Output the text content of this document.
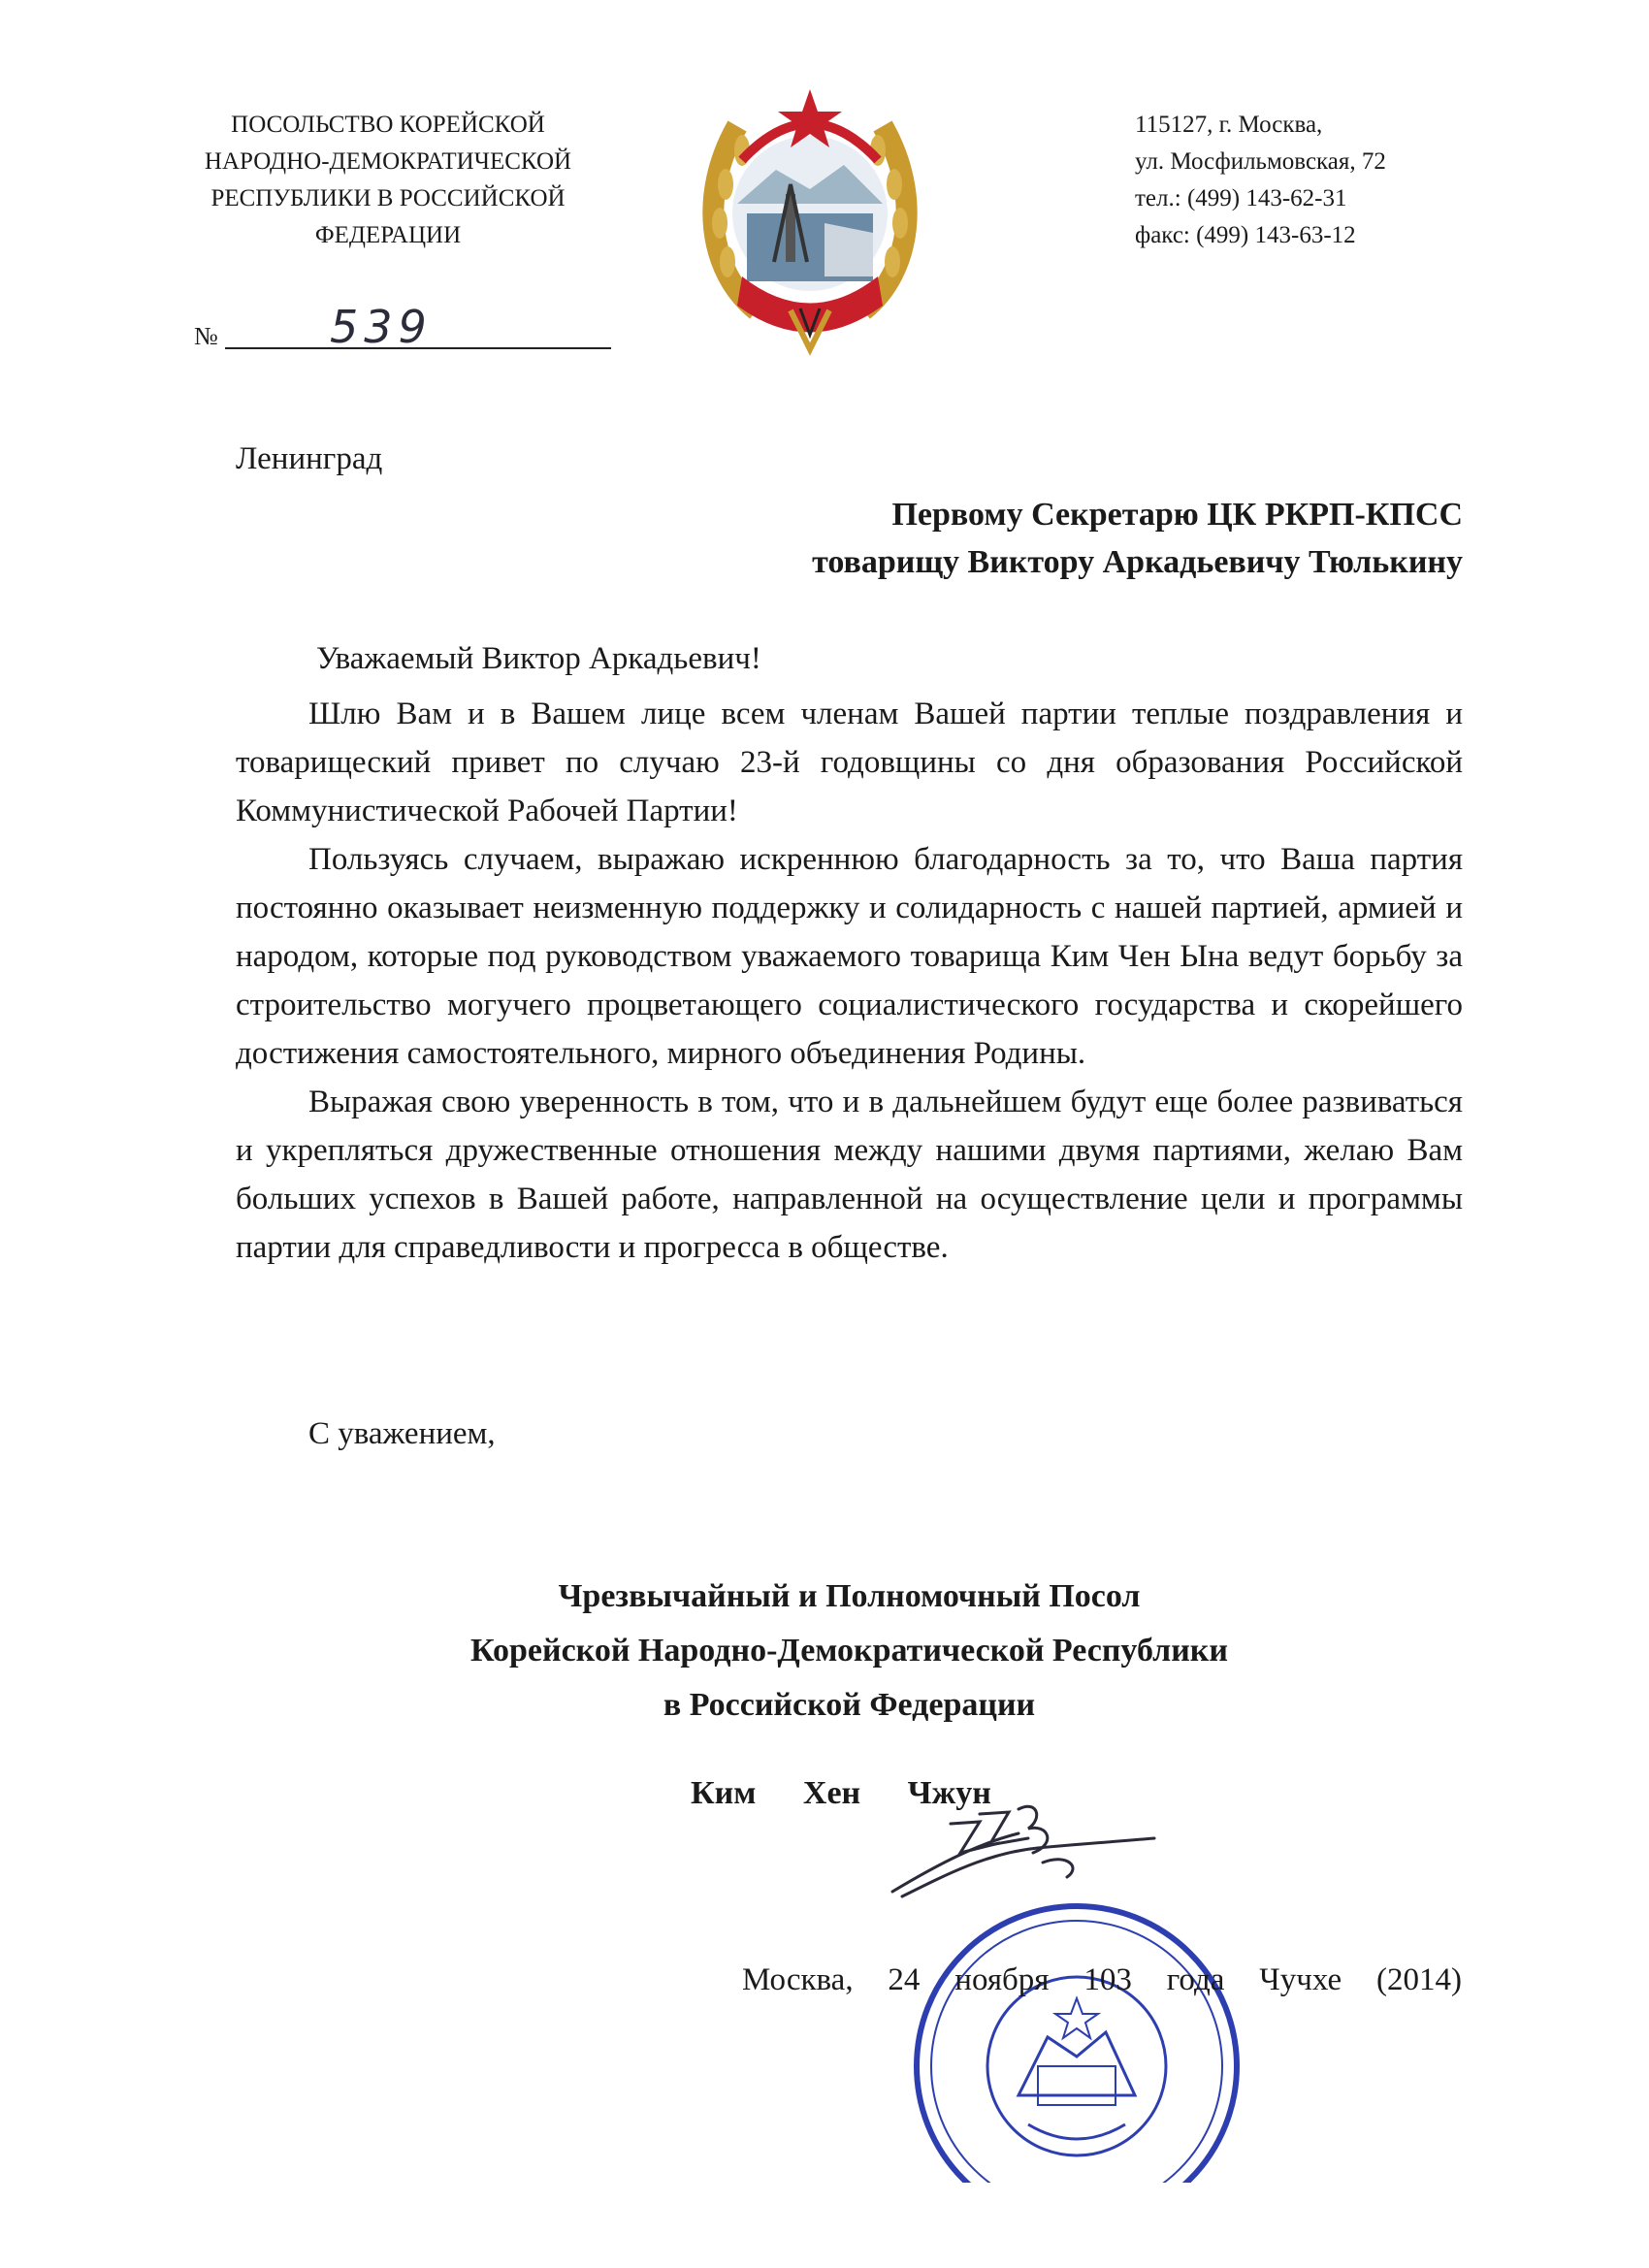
ПОСОЛЬСТВО КОРЕЙСКОЙ
НАРОДНО-ДЕМОКРАТИЧЕСКОЙ
РЕСПУБЛИКИ В РОССИЙСКОЙ
ФЕДЕРАЦИИ
115127, г. Москва,
ул. Мосфильмовская, 72
тел.: (499) 143-62-31
факс: (499) 143-63-12
№	539
Ленинград
Первому Секретарю ЦК РКРП-КПСС
товарищу Виктору Аркадьевичу Тюлькину
Уважаемый Виктор Аркадьевич!

Шлю Вам и в Вашем лице всем членам Вашей партии теплые поздравления и товарищеский привет по случаю 23-й годовщины со дня образования Российской Коммунистической Рабочей Партии!

Пользуясь случаем, выражаю искреннюю благодарность за то, что Ваша партия постоянно оказывает неизменную поддержку и солидарность с нашей партией, армией и народом, которые под руководством уважаемого товарища Ким Чен Ына ведут борьбу за строительство могучего процветающего социалистического государства и скорейшего достижения самостоятельного, мирного объединения Родины.

Выражая свою уверенность в том, что и в дальнейшем будут еще более развиваться и укрепляться дружественные отношения между нашими двумя партиями, желаю Вам больших успехов в Вашей работе, направленной на осуществление цели и программы партии для справедливости и прогресса в обществе.

С уважением,
Чрезвычайный и Полномочный Посол
Корейской Народно-Демократической Республики
в Российской Федерации
Ким Хен Чжун
Москва, 24 ноября 103 года Чучхе (2014)
